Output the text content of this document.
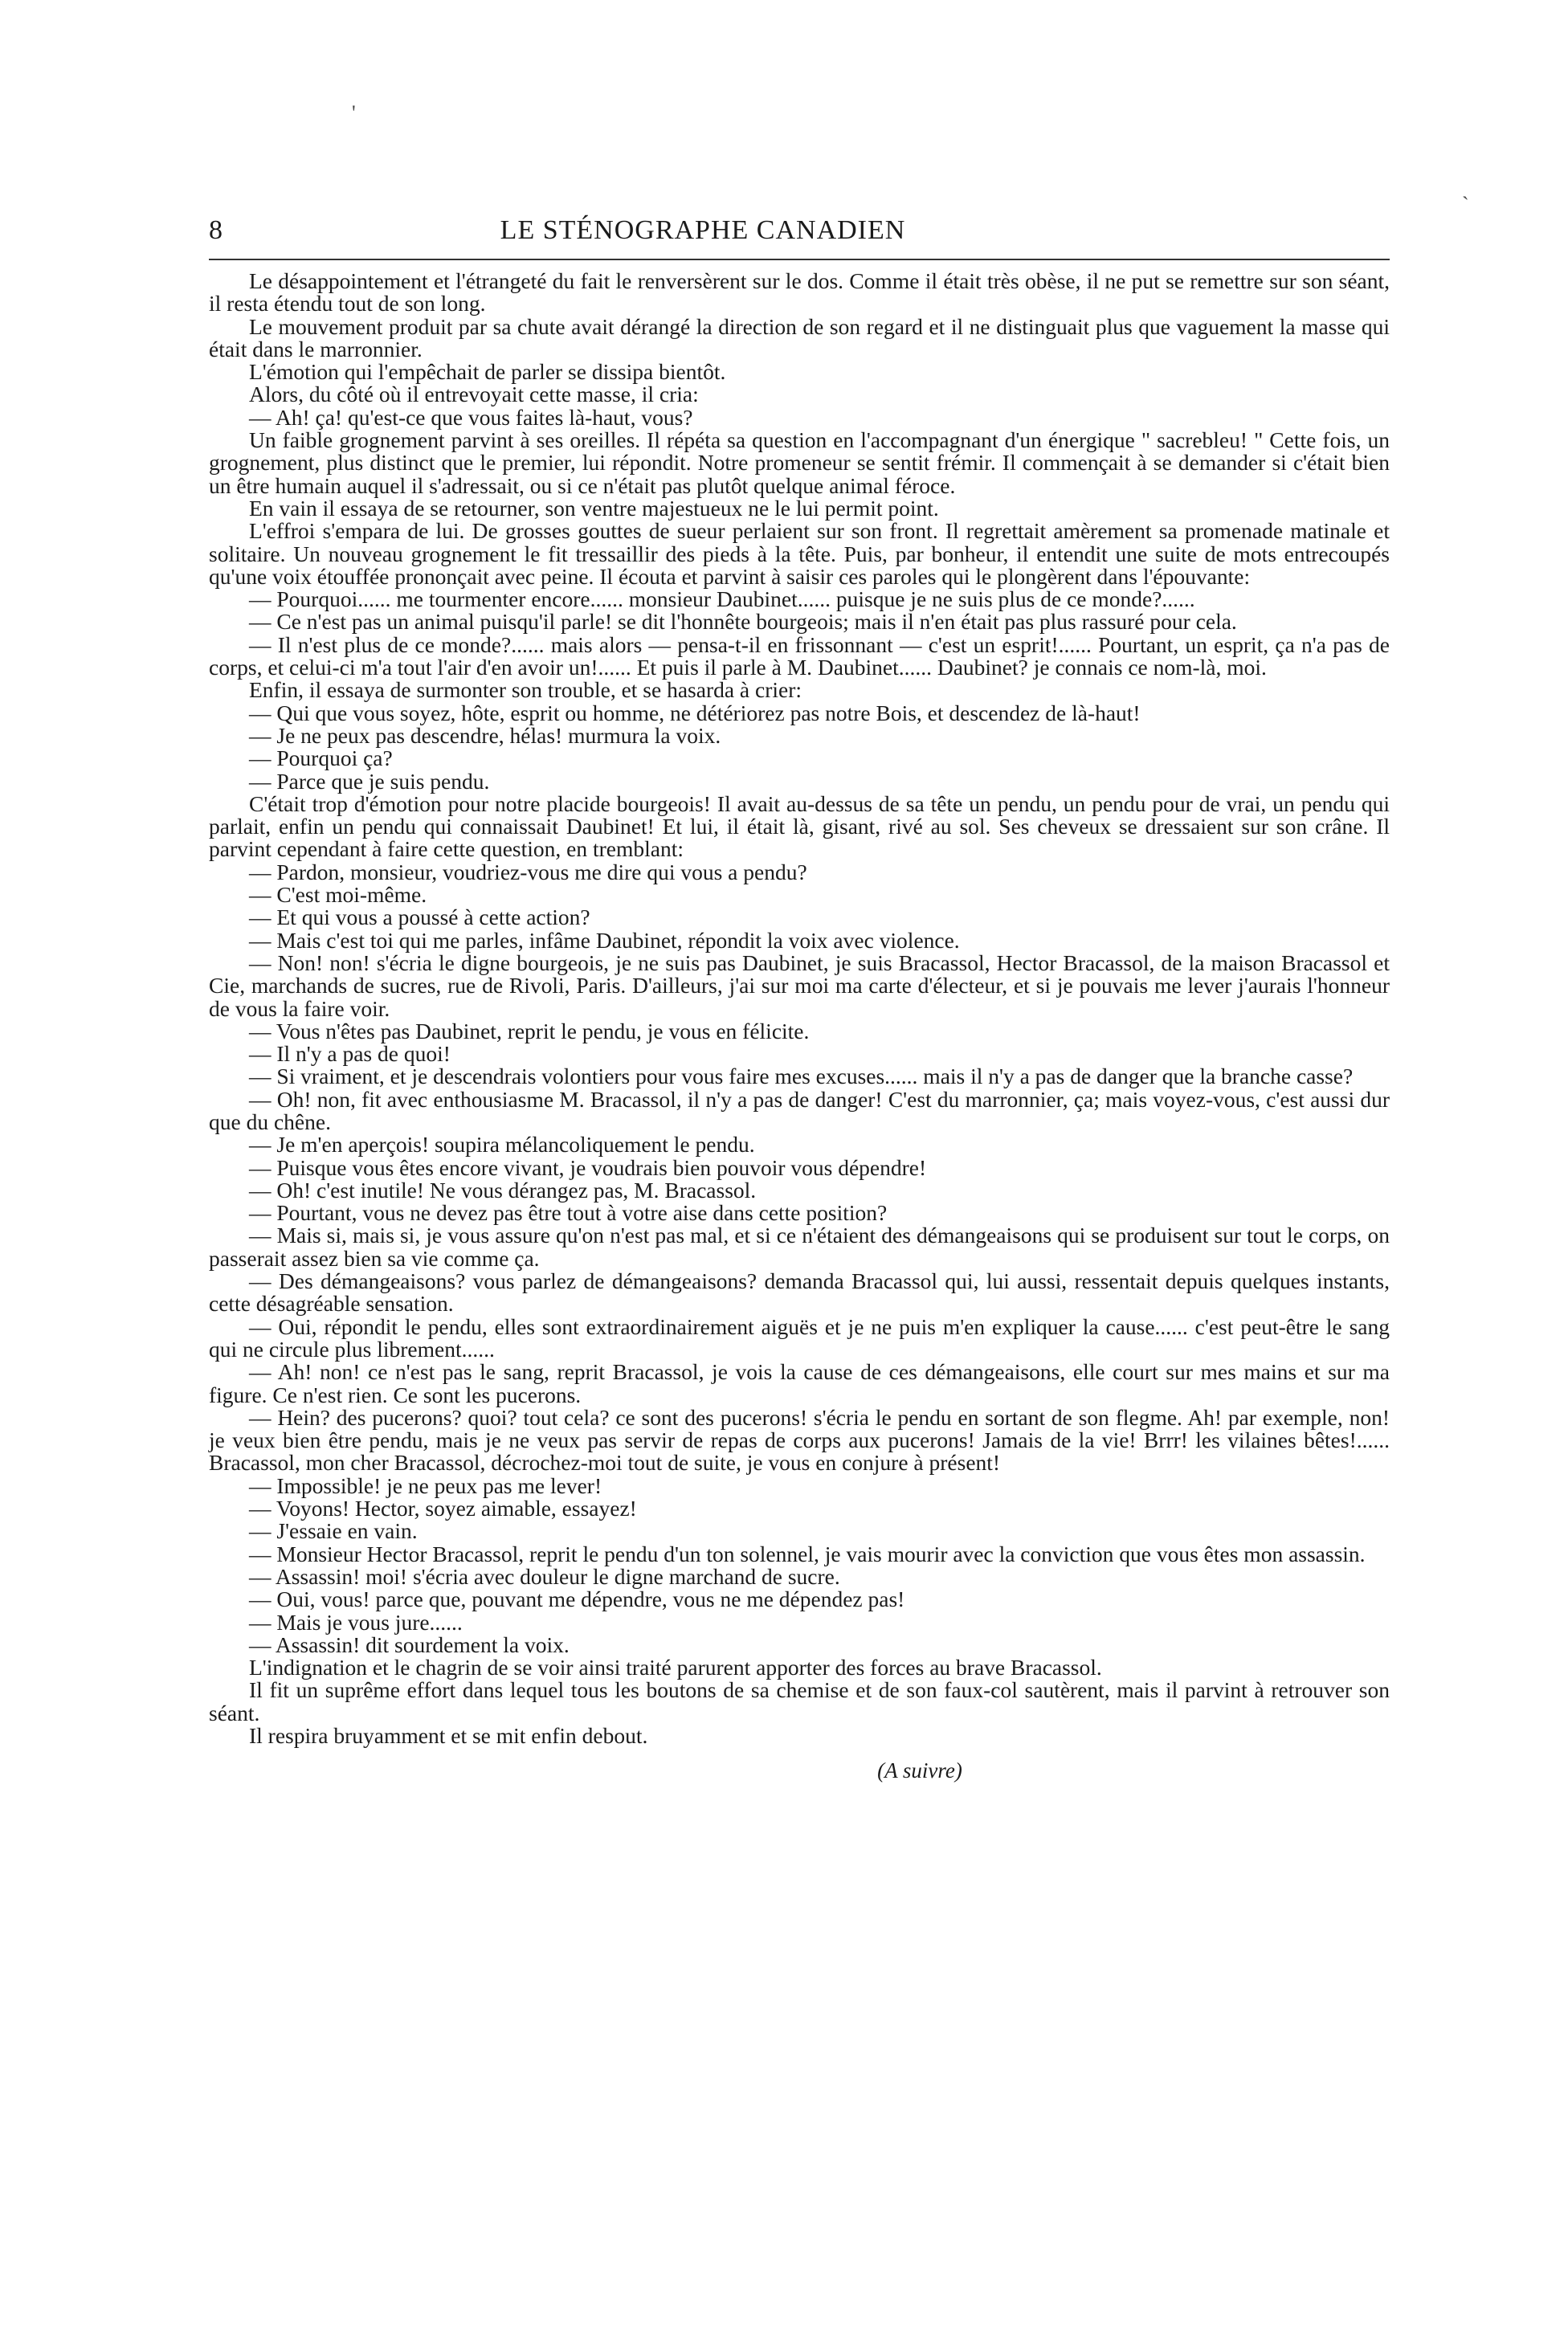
'
`
8	LE STÉNOGRAPHE CANADIEN

Le désappointement et l'étrangeté du fait le renversèrent sur le dos. Comme il était très obèse, il ne put se remettre sur son séant, il resta étendu tout de son long.

Le mouvement produit par sa chute avait dérangé la direction de son regard et il ne distinguait plus que vaguement la masse qui était dans le marronnier.

L'émotion qui l'empêchait de parler se dissipa bientôt.

Alors, du côté où il entrevoyait cette masse, il cria:

— Ah! ça! qu'est-ce que vous faites là-haut, vous?

Un faible grognement parvint à ses oreilles. Il répéta sa question en l'accompagnant d'un énergique " sacrebleu! " Cette fois, un grognement, plus distinct que le premier, lui répondit. Notre promeneur se sentit frémir. Il commençait à se demander si c'était bien un être humain auquel il s'adressait, ou si ce n'était pas plutôt quelque animal féroce.

En vain il essaya de se retourner, son ventre majestueux ne le lui permit point.

L'effroi s'empara de lui. De grosses gouttes de sueur perlaient sur son front. Il regrettait amèrement sa promenade matinale et solitaire. Un nouveau grognement le fit tressaillir des pieds à la tête. Puis, par bonheur, il entendit une suite de mots entrecoupés qu'une voix étouffée prononçait avec peine. Il écouta et parvint à saisir ces paroles qui le plongèrent dans l'épouvante:

— Pourquoi...... me tourmenter encore...... monsieur Daubinet...... puisque je ne suis plus de ce monde?......

— Ce n'est pas un animal puisqu'il parle! se dit l'honnête bourgeois; mais il n'en était pas plus rassuré pour cela.

— Il n'est plus de ce monde?...... mais alors — pensa-t-il en frissonnant — c'est un esprit!...... Pourtant, un esprit, ça n'a pas de corps, et celui-ci m'a tout l'air d'en avoir un!...... Et puis il parle à M. Daubinet...... Daubinet? je connais ce nom-là, moi.

Enfin, il essaya de surmonter son trouble, et se hasarda à crier:

— Qui que vous soyez, hôte, esprit ou homme, ne détériorez pas notre Bois, et descendez de là-haut!

— Je ne peux pas descendre, hélas! murmura la voix.

— Pourquoi ça?

— Parce que je suis pendu.

C'était trop d'émotion pour notre placide bourgeois! Il avait au-dessus de sa tête un pendu, un pendu pour de vrai, un pendu qui parlait, enfin un pendu qui connaissait Daubinet! Et lui, il était là, gisant, rivé au sol. Ses cheveux se dressaient sur son crâne. Il parvint cependant à faire cette question, en tremblant:

— Pardon, monsieur, voudriez-vous me dire qui vous a pendu?

— C'est moi-même.

— Et qui vous a poussé à cette action?

— Mais c'est toi qui me parles, infâme Daubinet, répondit la voix avec violence.

— Non! non! s'écria le digne bourgeois, je ne suis pas Daubinet, je suis Bracassol, Hector Bracassol, de la maison Bracassol et Cie, marchands de sucres, rue de Rivoli, Paris. D'ailleurs, j'ai sur moi ma carte d'électeur, et si je pouvais me lever j'aurais l'honneur de vous la faire voir.

— Vous n'êtes pas Daubinet, reprit le pendu, je vous en félicite.

— Il n'y a pas de quoi!

— Si vraiment, et je descendrais volontiers pour vous faire mes excuses...... mais il n'y a pas de danger que la branche casse?

— Oh! non, fit avec enthousiasme M. Bracassol, il n'y a pas de danger! C'est du marronnier, ça; mais voyez-vous, c'est aussi dur que du chêne.

— Je m'en aperçois! soupira mélancoliquement le pendu.

— Puisque vous êtes encore vivant, je voudrais bien pouvoir vous dépendre!

— Oh! c'est inutile! Ne vous dérangez pas, M. Bracassol.

— Pourtant, vous ne devez pas être tout à votre aise dans cette position?

— Mais si, mais si, je vous assure qu'on n'est pas mal, et si ce n'étaient des démangeaisons qui se produisent sur tout le corps, on passerait assez bien sa vie comme ça.

— Des démangeaisons? vous parlez de démangeaisons? demanda Bracassol qui, lui aussi, ressentait depuis quelques instants, cette désagréable sensation.

— Oui, répondit le pendu, elles sont extraordinairement aiguës et je ne puis m'en expliquer la cause...... c'est peut-être le sang qui ne circule plus librement......

— Ah! non! ce n'est pas le sang, reprit Bracassol, je vois la cause de ces démangeaisons, elle court sur mes mains et sur ma figure. Ce n'est rien. Ce sont les pucerons.

— Hein? des pucerons? quoi? tout cela? ce sont des pucerons! s'écria le pendu en sortant de son flegme. Ah! par exemple, non! je veux bien être pendu, mais je ne veux pas servir de repas de corps aux pucerons! Jamais de la vie! Brrr! les vilaines bêtes!...... Bracassol, mon cher Bracassol, décrochez-moi tout de suite, je vous en conjure à présent!

— Impossible! je ne peux pas me lever!

— Voyons! Hector, soyez aimable, essayez!

— J'essaie en vain.

— Monsieur Hector Bracassol, reprit le pendu d'un ton solennel, je vais mourir avec la conviction que vous êtes mon assassin.

— Assassin! moi! s'écria avec douleur le digne marchand de sucre.

— Oui, vous! parce que, pouvant me dépendre, vous ne me dépendez pas!

— Mais je vous jure......

— Assassin! dit sourdement la voix.

L'indignation et le chagrin de se voir ainsi traité parurent apporter des forces au brave Bracassol.

Il fit un suprême effort dans lequel tous les boutons de sa chemise et de son faux-col sautèrent, mais il parvint à retrouver son séant.

Il respira bruyamment et se mit enfin debout.

(A suivre)
